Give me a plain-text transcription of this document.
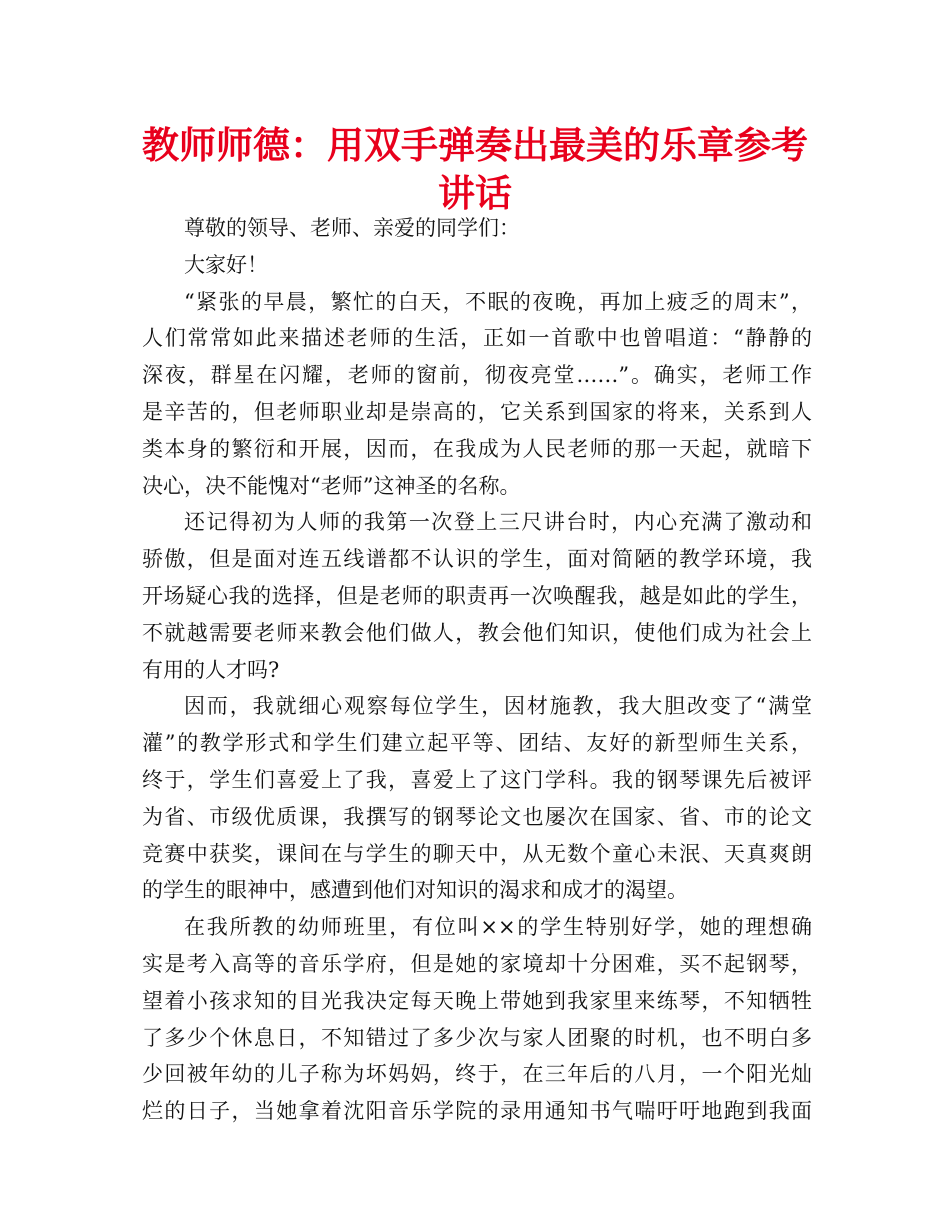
教师师德：用双手弹奏出最美的乐章参考
讲话
尊敬的领导、老师、亲爱的同学们：
大家好！
“紧张的早晨，繁忙的白天，不眠的夜晚，再加上疲乏的周末”，
人们常常如此来描述老师的生活，正如一首歌中也曾唱道：“静静的
深夜，群星在闪耀，老师的窗前，彻夜亮堂……”。确实，老师工作
是辛苦的，但老师职业却是崇高的，它关系到国家的将来，关系到人
类本身的繁衍和开展，因而，在我成为人民老师的那一天起，就暗下
决心，决不能愧对“老师”这神圣的名称。
还记得初为人师的我第一次登上三尺讲台时，内心充满了激动和
骄傲，但是面对连五线谱都不认识的学生，面对简陋的教学环境，我
开场疑心我的选择，但是老师的职责再一次唤醒我，越是如此的学生，
不就越需要老师来教会他们做人，教会他们知识，使他们成为社会上
有用的人才吗?
因而，我就细心观察每位学生，因材施教，我大胆改变了“满堂
灌”的教学形式和学生们建立起平等、团结、友好的新型师生关系，
终于，学生们喜爱上了我，喜爱上了这门学科。我的钢琴课先后被评
为省、市级优质课，我撰写的钢琴论文也屡次在国家、省、市的论文
竞赛中获奖，课间在与学生的聊天中，从无数个童心未泯、天真爽朗
的学生的眼神中，感遭到他们对知识的渴求和成才的渴望。
在我所教的幼师班里，有位叫××的学生特别好学，她的理想确
实是考入高等的音乐学府，但是她的家境却十分困难，买不起钢琴，
望着小孩求知的目光我决定每天晚上带她到我家里来练琴，不知牺牲
了多少个休息日，不知错过了多少次与家人团聚的时机，也不明白多
少回被年幼的儿子称为坏妈妈，终于，在三年后的八月，一个阳光灿
烂的日子，当她拿着沈阳音乐学院的录用通知书气喘吁吁地跑到我面
